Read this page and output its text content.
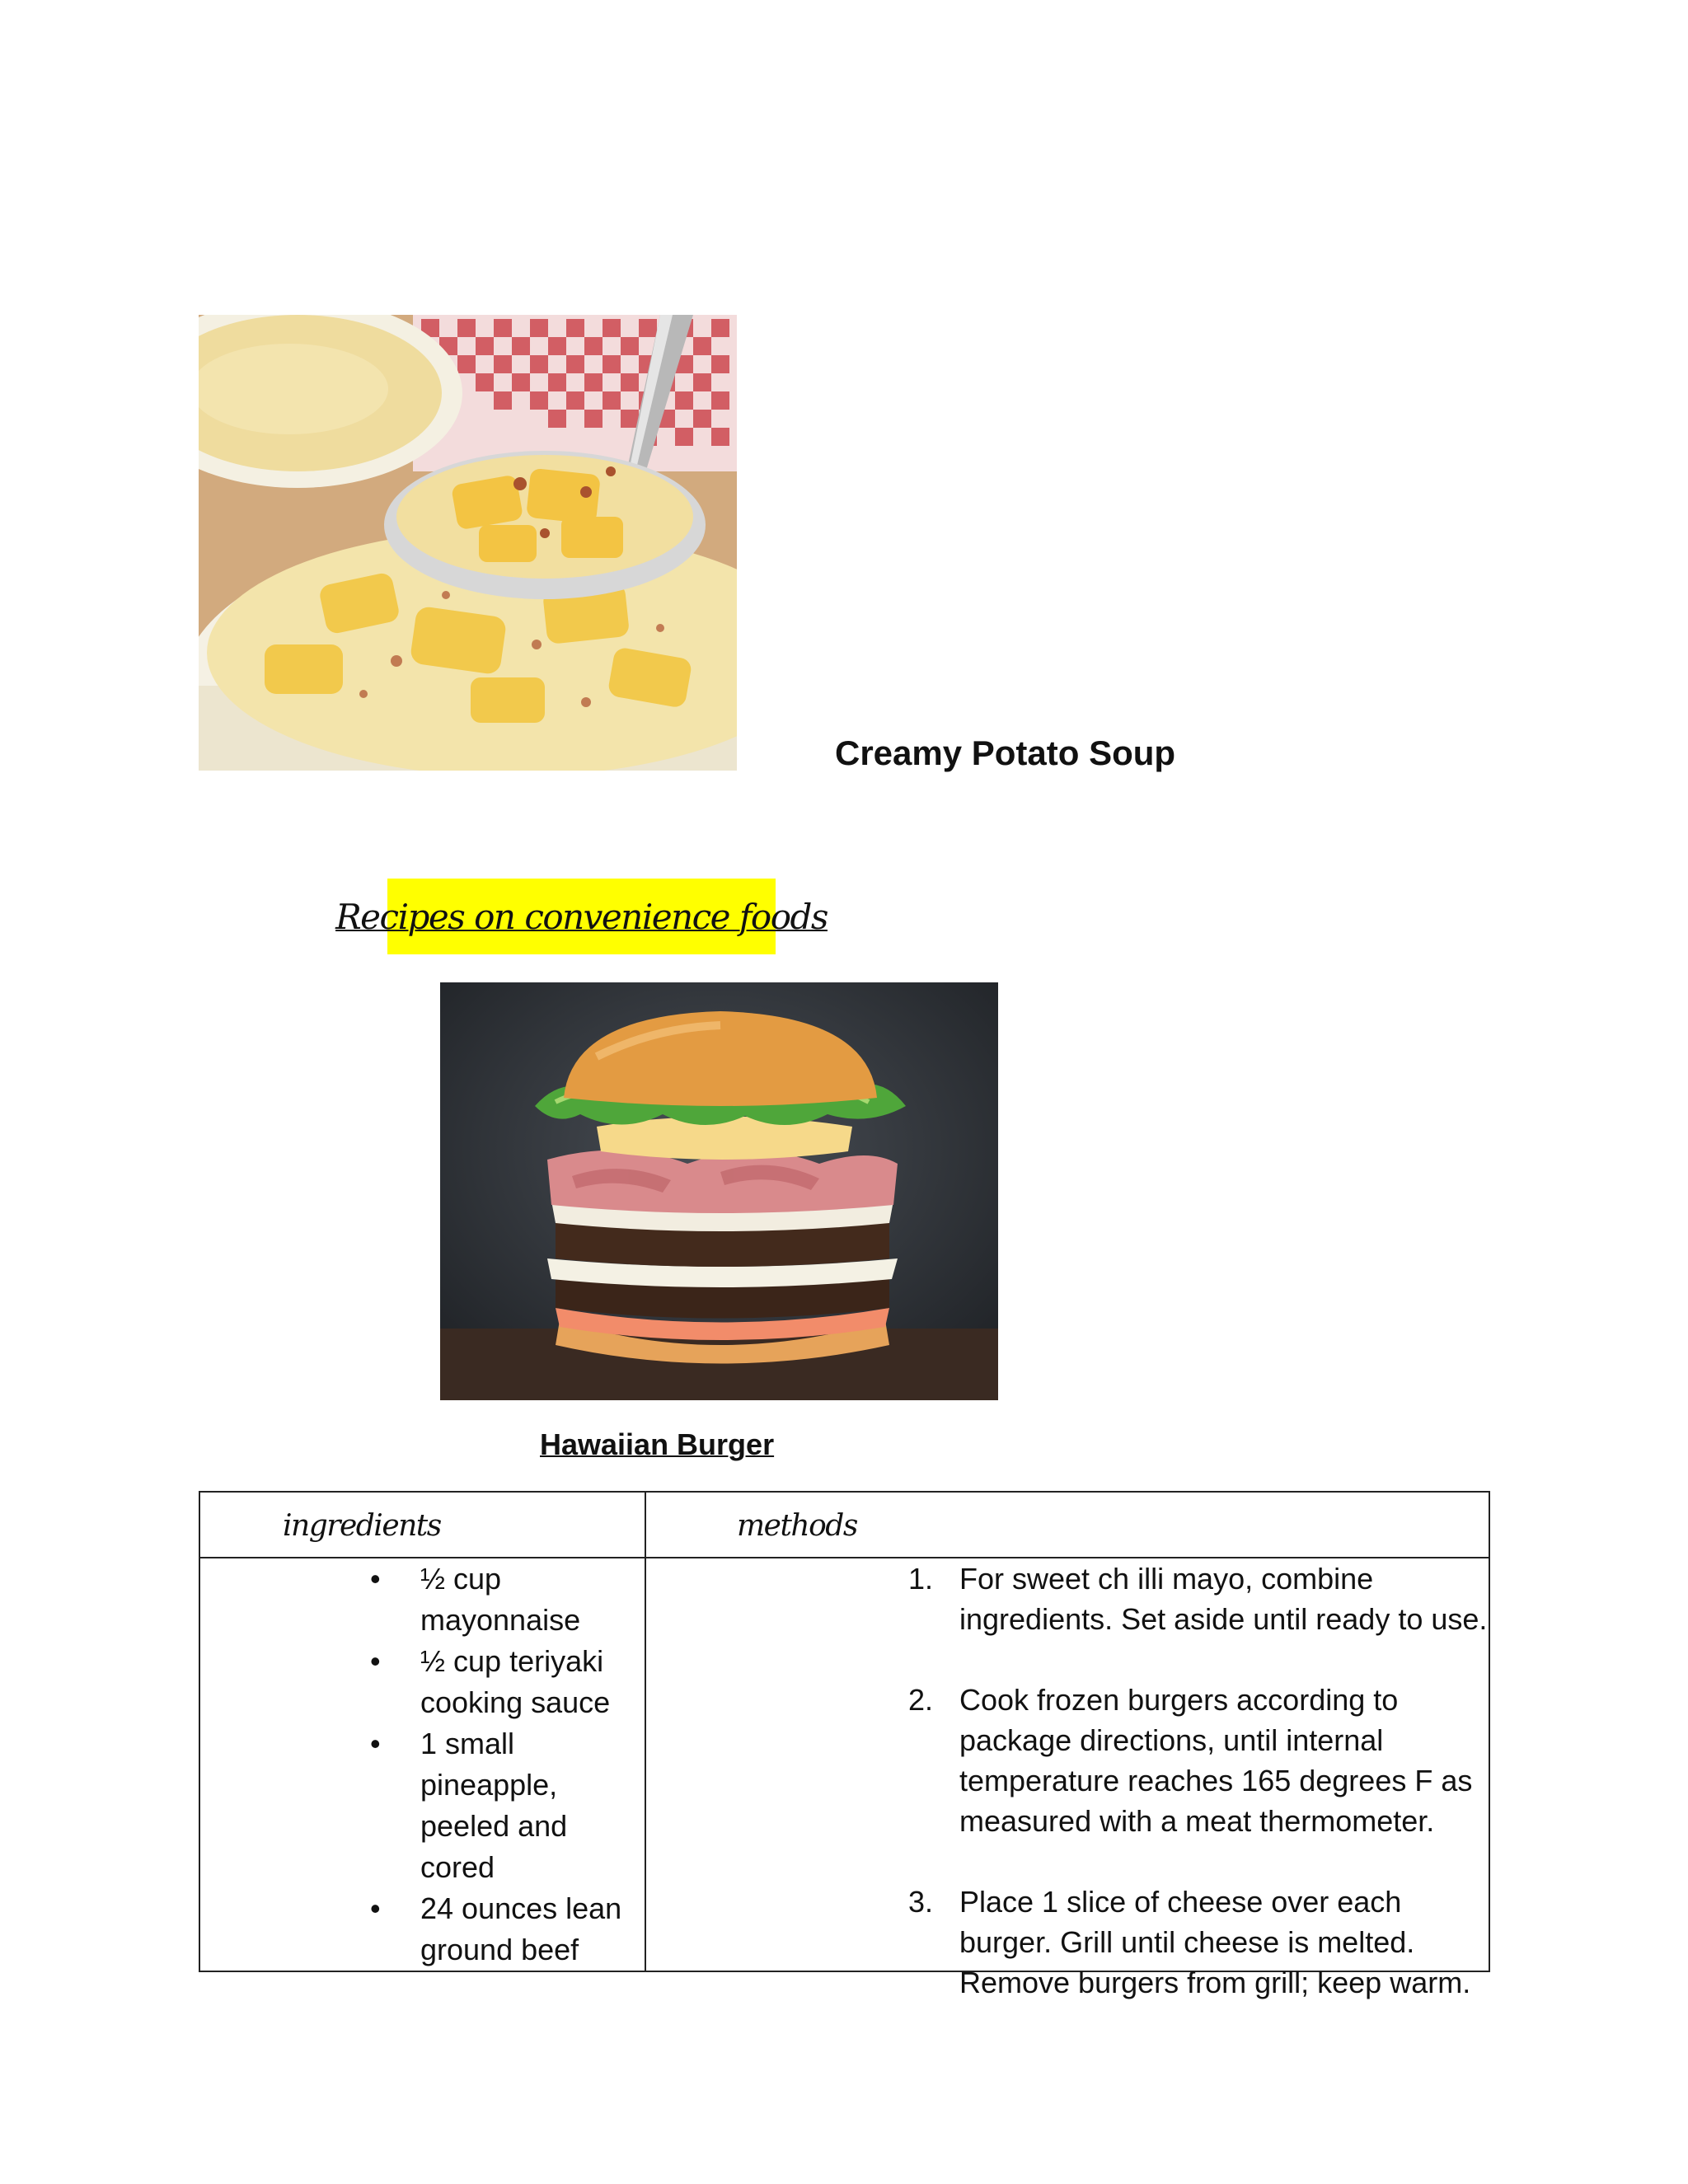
Creamy Potato Soup
Recipes on convenience foods
Hawaiian Burger
ingredients	methods
• ½ cup mayonnaise
• ½ cup teriyaki cooking sauce
• 1 small pineapple, peeled and cored
• 24 ounces lean ground beef
1. For sweet ch illi mayo, combine ingredients. Set aside until ready to use.
2. Cook frozen burgers according to package directions, until internal temperature reaches 165 degrees F as measured with a meat thermometer.
3. Place 1 slice of cheese over each burger. Grill until cheese is melted. Remove burgers from grill; keep warm.
